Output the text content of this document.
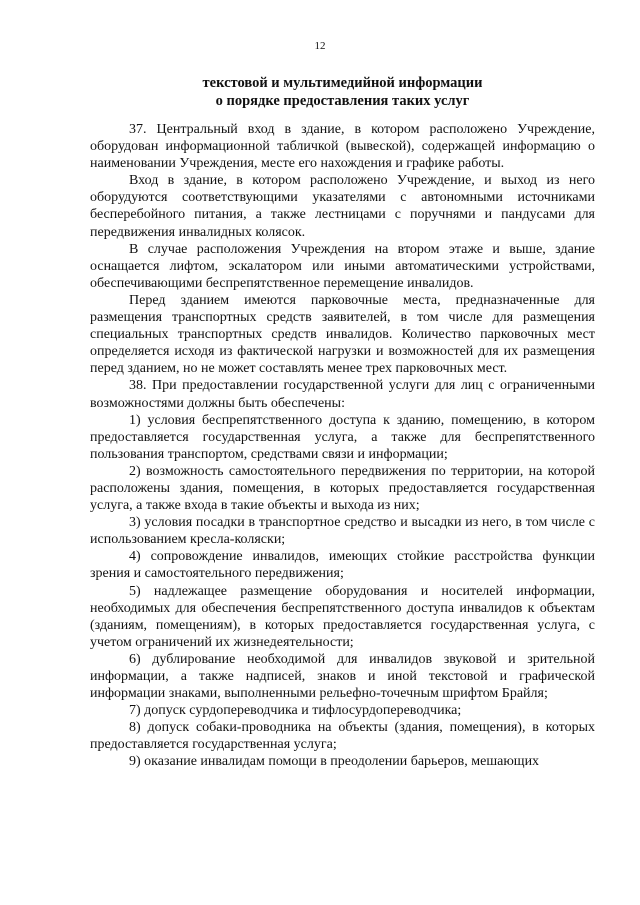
12
текстовой и мультимедийной информации
о порядке предоставления таких услуг

37. Центральный вход в здание, в котором расположено Учреждение, оборудован информационной табличкой (вывеской), содержащей информацию о наименовании Учреждения, месте его нахождения и графике работы.

Вход в здание, в котором расположено Учреждение, и выход из него оборудуются соответствующими указателями с автономными источниками бесперебойного питания, а также лестницами с поручнями и пандусами для передвижения инвалидных колясок.

В случае расположения Учреждения на втором этаже и выше, здание оснащается лифтом, эскалатором или иными автоматическими устройствами, обеспечивающими беспрепятственное перемещение инвалидов.

Перед зданием имеются парковочные места, предназначенные для размещения транспортных средств заявителей, в том числе для размещения специальных транспортных средств инвалидов. Количество парковочных мест определяется исходя из фактической нагрузки и возможностей для их размещения перед зданием, но не может составлять менее трех парковочных мест.

38. При предоставлении государственной услуги для лиц с ограниченными возможностями должны быть обеспечены:

1) условия беспрепятственного доступа к зданию, помещению, в котором предоставляется государственная услуга, а также для беспрепятственного пользования транспортом, средствами связи и информации;

2) возможность самостоятельного передвижения по территории, на которой расположены здания, помещения, в которых предоставляется государственная услуга, а также входа в такие объекты и выхода из них;

3) условия посадки в транспортное средство и высадки из него, в том числе с использованием кресла-коляски;

4) сопровождение инвалидов, имеющих стойкие расстройства функции зрения и самостоятельного передвижения;

5) надлежащее размещение оборудования и носителей информации, необходимых для обеспечения беспрепятственного доступа инвалидов к объектам (зданиям, помещениям), в которых предоставляется государственная услуга, с учетом ограничений их жизнедеятельности;

6) дублирование необходимой для инвалидов звуковой и зрительной информации, а также надписей, знаков и иной текстовой и графической информации знаками, выполненными рельефно-точечным шрифтом Брайля;

7) допуск сурдопереводчика и тифлосурдопереводчика;

8) допуск собаки-проводника на объекты (здания, помещения), в которых предоставляется государственная услуга;

9) оказание инвалидам помощи в преодолении барьеров, мешающих
